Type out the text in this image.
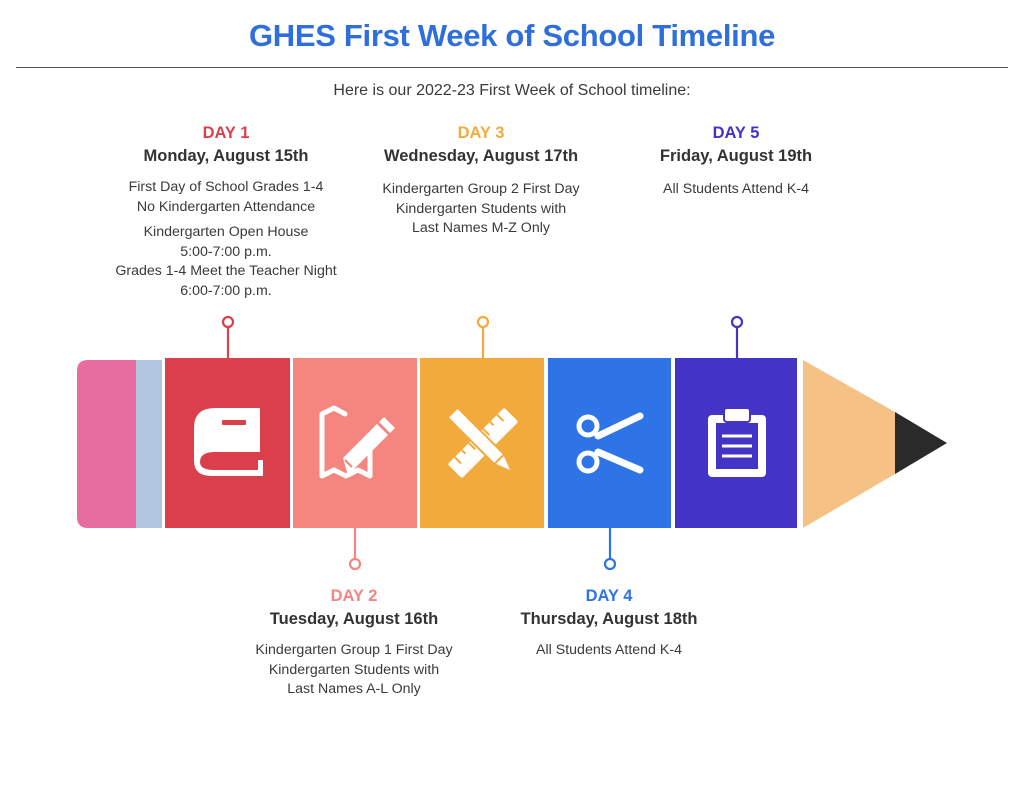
GHES First Week of School Timeline
Here is our 2022-23 First Week of School timeline:
DAY 1
Monday, August 15th
First Day of School Grades 1-4
No Kindergarten Attendance
Kindergarten Open House
5:00-7:00 p.m.
Grades 1-4 Meet the Teacher Night
6:00-7:00 p.m.
DAY 3
Wednesday, August 17th
Kindergarten Group 2 First Day
Kindergarten Students with
Last Names M-Z Only
DAY 5
Friday, August 19th
All Students Attend K-4
DAY 2
Tuesday, August 16th
Kindergarten Group 1 First Day
Kindergarten Students with
Last Names A-L Only
DAY 4
Thursday, August 18th
All Students Attend K-4
